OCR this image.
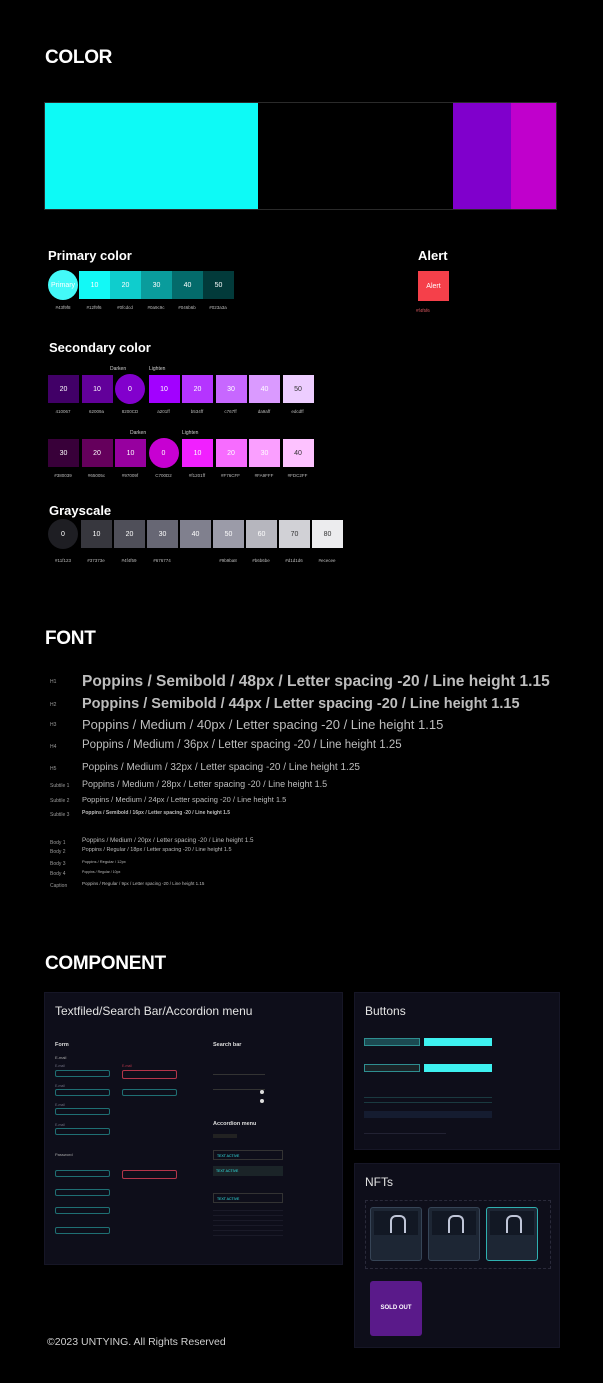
COLOR
Primary color
Primary
#43f9f8
10
#12f9f6
20
#0fcdcd
30
#0a9c9c
40
#046b6b
50
#023a3a
Alert
Alert
#f4f5f6
Secondary color
Darken	Lighten
20
410067
10
62009a
0
8200CD
10
a201ff
20
b534ff
30
c767ff
40
da9aff
50
edcdff
Darken	Lighten
30
#380039
20
#65005c
10
#97009f
0
C700D2
10
#f1201ff
20
#F76CFF
30
#FA9FFF
40
#FDC2FF
Grayscale
0
#11f123
10
#37373e
20
#4f4f59
30
#676774
40	50
#9b9ba8
60
#b6b6be
70
#d1d1d6
80
#ececee
FONT
H1 Poppins / Semibold / 48px / Letter spacing -20 / Line height 1.15
H2 Poppins / Semibold / 44px / Letter spacing -20 / Line height 1.15
H3 Poppins / Medium / 40px / Letter spacing -20 / Line height 1.15
H4 Poppins / Medium / 36px / Letter spacing -20 / Line height 1.25
H5	Poppins / Medium / 32px / Letter spacing -20 / Line height 1.25
Subtile 1 Poppins / Medium / 28px / Letter spacing -20 / Line height 1.5
Subtile 2 Poppins / Medium / 24px / Letter spacing -20 / Line height 1.5
Subtile 3	Poppins / Semibold / 16px / Letter spacing -20 / Line height 1.5
Body 1	Poppins / Medium / 20px / Letter spacing -20 / Line height 1.5
Body 2	Poppins / Regular / 18px / Letter spacing -20 / Line height 1.5
Body 3	Poppins / Regular / 12px
Body 4	Poppins / Regular / 10px
Caption	Poppins / Regular / 9px / Letter spacing -20 / Line height 1.15
COMPONENT
Textfiled/Search Bar/Accordion menu
Form
E-mail
E-mail
E-mail
E-mail
E-mail
E-mail
Password
Search bar
Accordion menu
TEXT ACTIVE
TEXT ACTIVE
TEXT ACTIVE
Buttons
NFTs
SOLD OUT
©2023 UNTYING. All Rights Reserved
